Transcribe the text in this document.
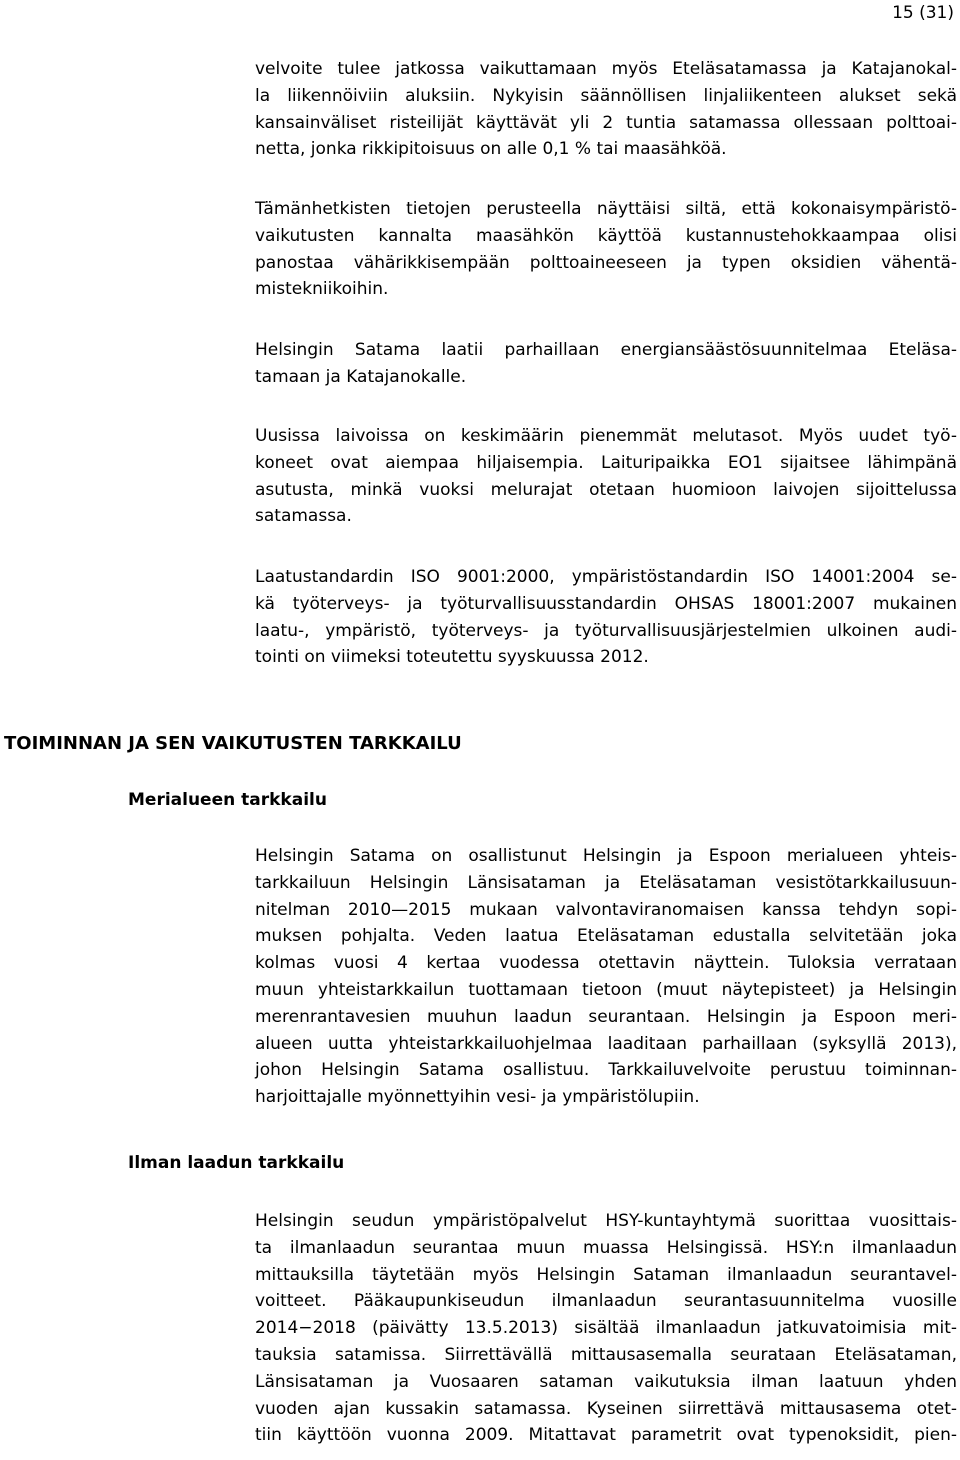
15 (31)
velvoite tulee jatkossa vaikuttamaan myös Eteläsatamassa ja Katajanokal-
la liikennöiviin aluksiin. Nykyisin säännöllisen linjaliikenteen alukset sekä
kansainväliset risteilijät käyttävät yli 2 tuntia satamassa ollessaan polttoai-
netta, jonka rikkipitoisuus on alle 0,1 % tai maasähköä.
Tämänhetkisten tietojen perusteella näyttäisi siltä, että kokonaisympäristö-
vaikutusten kannalta maasähkön käyttöä kustannustehokkaampaa olisi
panostaa vähärikkisempään polttoaineeseen ja typen oksidien vähentä-
mistekniikoihin.
Helsingin Satama laatii parhaillaan energiansäästösuunnitelmaa Eteläsa-
tamaan ja Katajanokalle.
Uusissa laivoissa on keskimäärin pienemmät melutasot. Myös uudet työ-
koneet ovat aiempaa hiljaisempia. Laituripaikka EO1 sijaitsee lähimpänä
asutusta, minkä vuoksi melurajat otetaan huomioon laivojen sijoittelussa
satamassa.
Laatustandardin ISO 9001:2000, ympäristöstandardin ISO 14001:2004 se-
kä työterveys- ja työturvallisuusstandardin OHSAS 18001:2007 mukainen
laatu-, ympäristö, työterveys- ja työturvallisuusjärjestelmien ulkoinen audi-
tointi on viimeksi toteutettu syyskuussa 2012.
TOIMINNAN JA SEN VAIKUTUSTEN TARKKAILU
Merialueen tarkkailu
Helsingin Satama on osallistunut Helsingin ja Espoon merialueen yhteis-
tarkkailuun Helsingin Länsisataman ja Eteläsataman vesistötarkkailusuun-
nitelman 2010—2015 mukaan valvontaviranomaisen kanssa tehdyn sopi-
muksen pohjalta. Veden laatua Eteläsataman edustalla selvitetään joka
kolmas vuosi 4 kertaa vuodessa otettavin näyttein. Tuloksia verrataan
muun yhteistarkkailun tuottamaan tietoon (muut näytepisteet) ja Helsingin
merenrantavesien muuhun laadun seurantaan. Helsingin ja Espoon meri-
alueen uutta yhteistarkkailuohjelmaa laaditaan parhaillaan (syksyllä 2013),
johon Helsingin Satama osallistuu. Tarkkailuvelvoite perustuu toiminnan-
harjoittajalle myönnettyihin vesi- ja ympäristölupiin.
Ilman laadun tarkkailu
Helsingin seudun ympäristöpalvelut HSY-kuntayhtymä suorittaa vuosittais-
ta ilmanlaadun seurantaa muun muassa Helsingissä. HSY:n ilmanlaadun
mittauksilla täytetään myös Helsingin Sataman ilmanlaadun seurantavel-
voitteet. Pääkaupunkiseudun ilmanlaadun seurantasuunnitelma vuosille
2014−2018 (päivätty 13.5.2013) sisältää ilmanlaadun jatkuvatoimisia mit-
tauksia satamissa. Siirrettävällä mittausasemalla seurataan Eteläsataman,
Länsisataman ja Vuosaaren sataman vaikutuksia ilman laatuun yhden
vuoden ajan kussakin satamassa. Kyseinen siirrettävä mittausasema otet-
tiin käyttöön vuonna 2009. Mitattavat parametrit ovat typenoksidit, pien-
